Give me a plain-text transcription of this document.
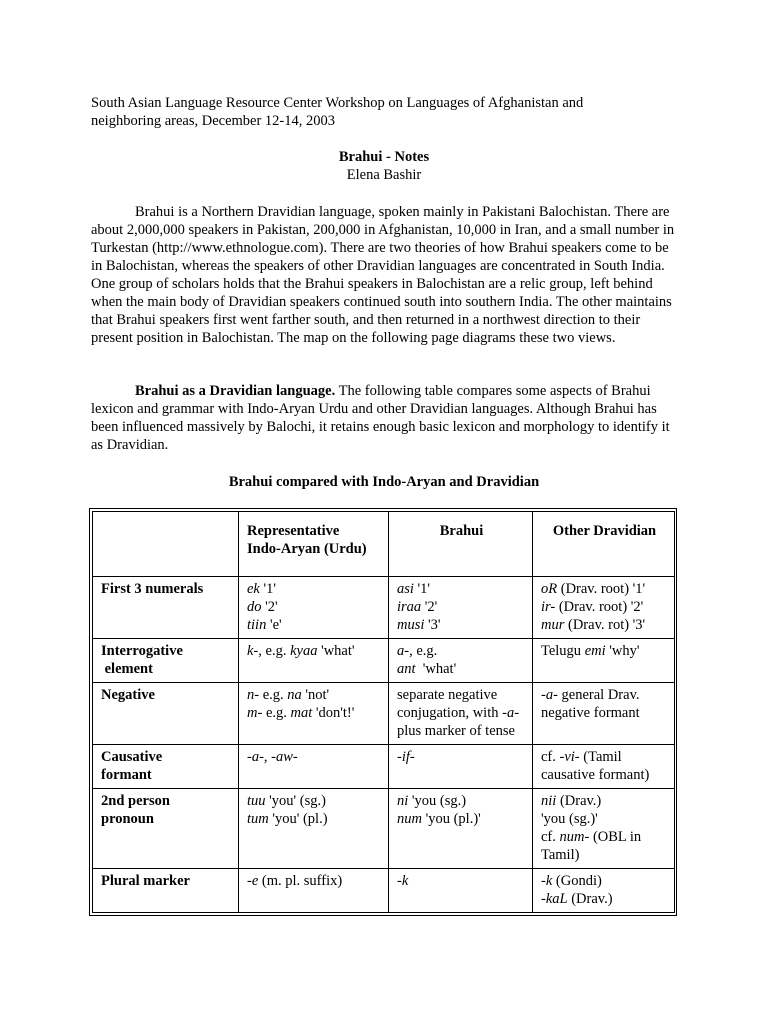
South Asian Language Resource Center Workshop on Languages of Afghanistan and
neighboring areas, December 12-14, 2003
Brahui - Notes
Elena Bashir

Brahui is a Northern Dravidian language, spoken mainly in Pakistani Balochistan. There are about 2,000,000 speakers in Pakistan, 200,000 in Afghanistan, 10,000 in Iran, and a small number in Turkestan (http://www.ethnologue.com). There are two theories of how Brahui speakers come to be in Balochistan, whereas the speakers of other Dravidian languages are concentrated in South India. One group of scholars holds that the Brahui speakers in Balochistan are a relic group, left behind when the main body of Dravidian speakers continued south into southern India. The other maintains that Brahui speakers first went farther south, and then returned in a northwest direction to their present position in Balochistan. The map on the following page diagrams these two views.

Brahui as a Dravidian language. The following table compares some aspects of Brahui lexicon and grammar with Indo-Aryan Urdu and other Dravidian languages. Although Brahui has been influenced massively by Balochi, it retains enough basic lexicon and morphology to identify it as Dravidian.

Brahui compared with Indo-Aryan and Dravidian

	Representative
Indo-Aryan (Urdu)	Brahui	Other Dravidian
First 3 numerals	ek '1'
do '2'
tiin 'e'	asi '1'
iraa '2'
musi '3'	oR (Drav. root) '1'
ir- (Drav. root) '2'
mur (Drav. rot) '3'

Interrogative
element	k-, e.g. kyaa 'what'	a-, e.g.
ant  'what'	Telugu emi 'why'

Negative	n- e.g. na 'not'
m- e.g. mat 'don't!'	separate negative
conjugation, with -a-
plus marker of tense	-a- general Drav.
negative formant

Causative
formant	-a-, -aw-	-if-	cf. -vi- (Tamil
causative formant)

2nd person
pronoun	tuu 'you' (sg.)
tum 'you' (pl.)	ni 'you (sg.)
num 'you (pl.)'	nii (Drav.)
'you (sg.)'
cf. num- (OBL in
Tamil)

Plural marker	-e (m. pl. suffix)	-k	-k (Gondi)
-kaL (Drav.)
